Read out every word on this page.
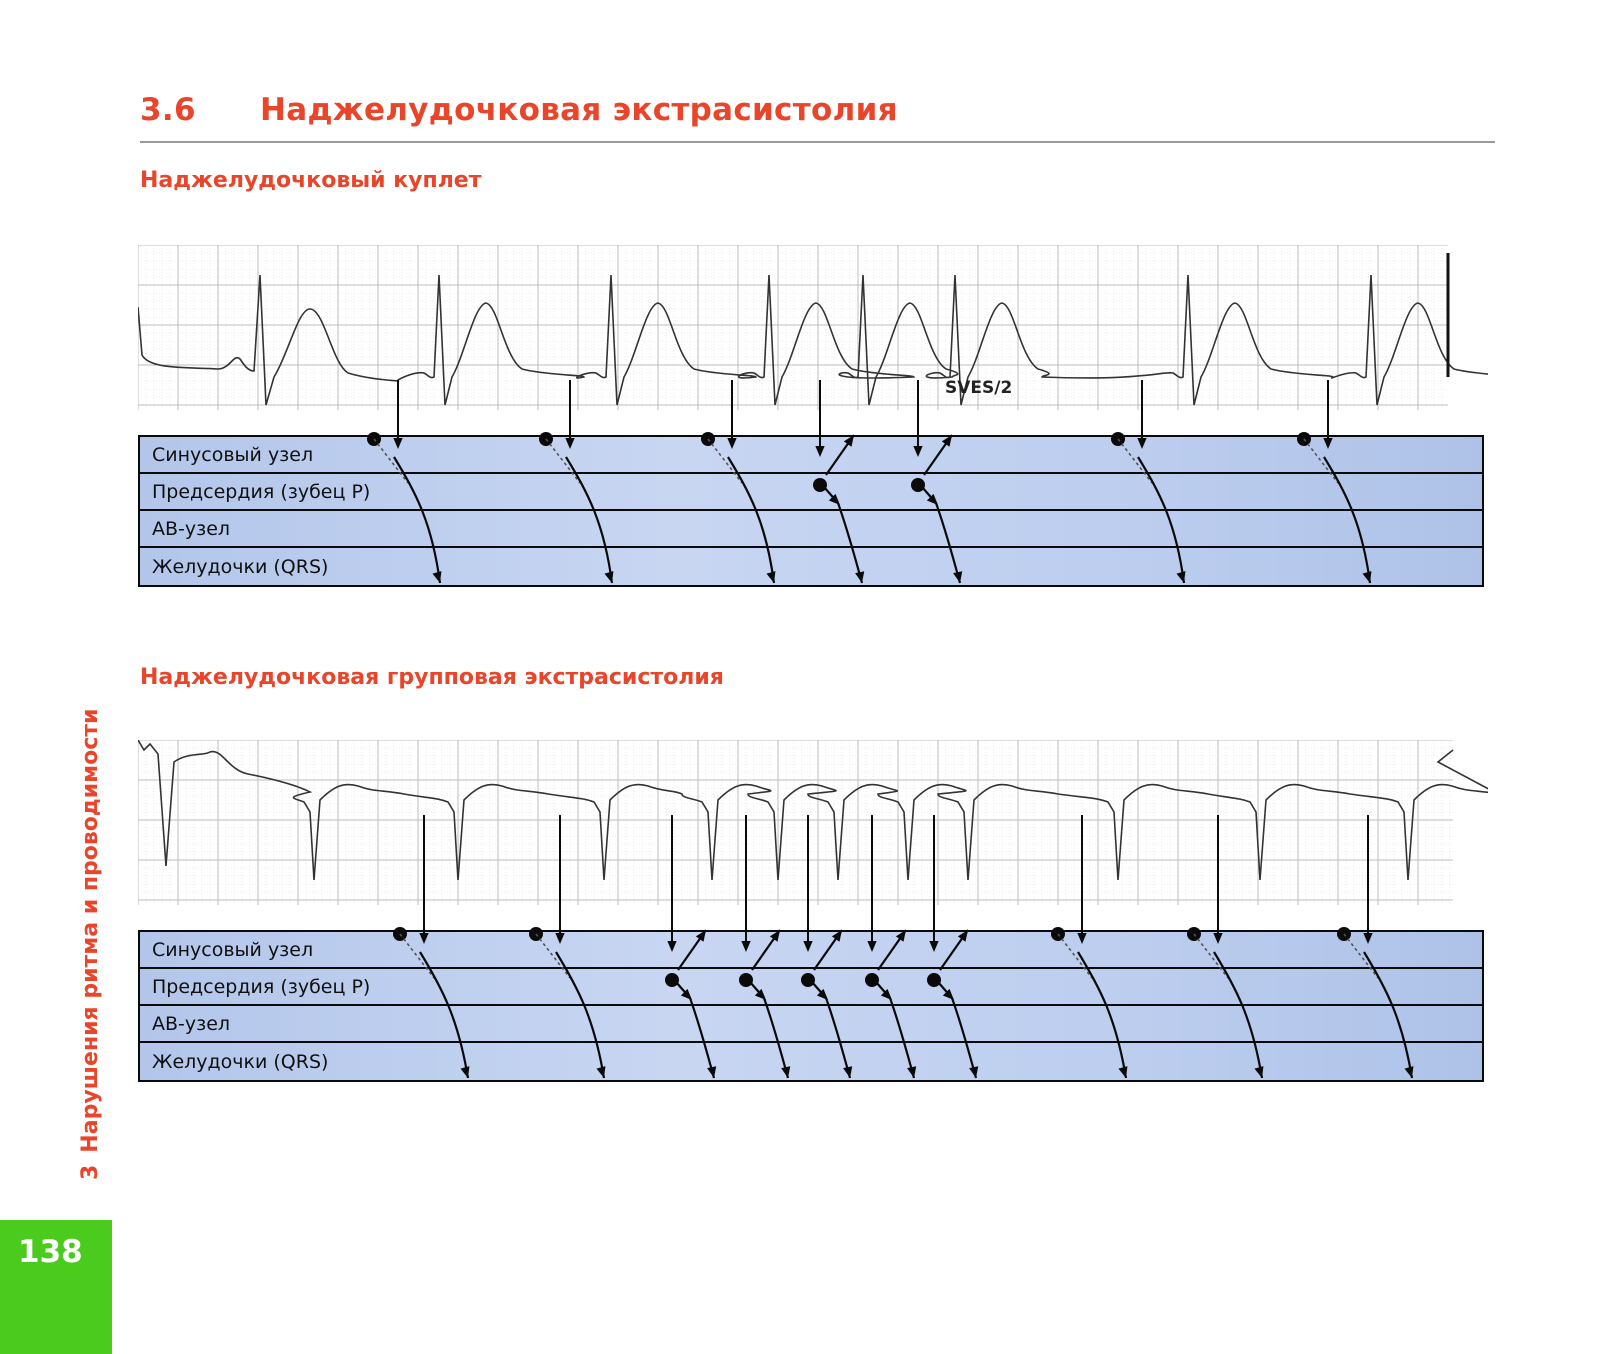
3.6 Наджелудочковая экстрасистолия
Наджелудочковый куплет
Синусовый узел
Предсердия (зубец P)
АВ-узел
Желудочки (QRS)
SVES/2
Наджелудочковая групповая экстрасистолия
Синусовый узел
Предсердия (зубец P)
АВ-узел
Желудочки (QRS)
3Нарушения ритма и проводимости
138
